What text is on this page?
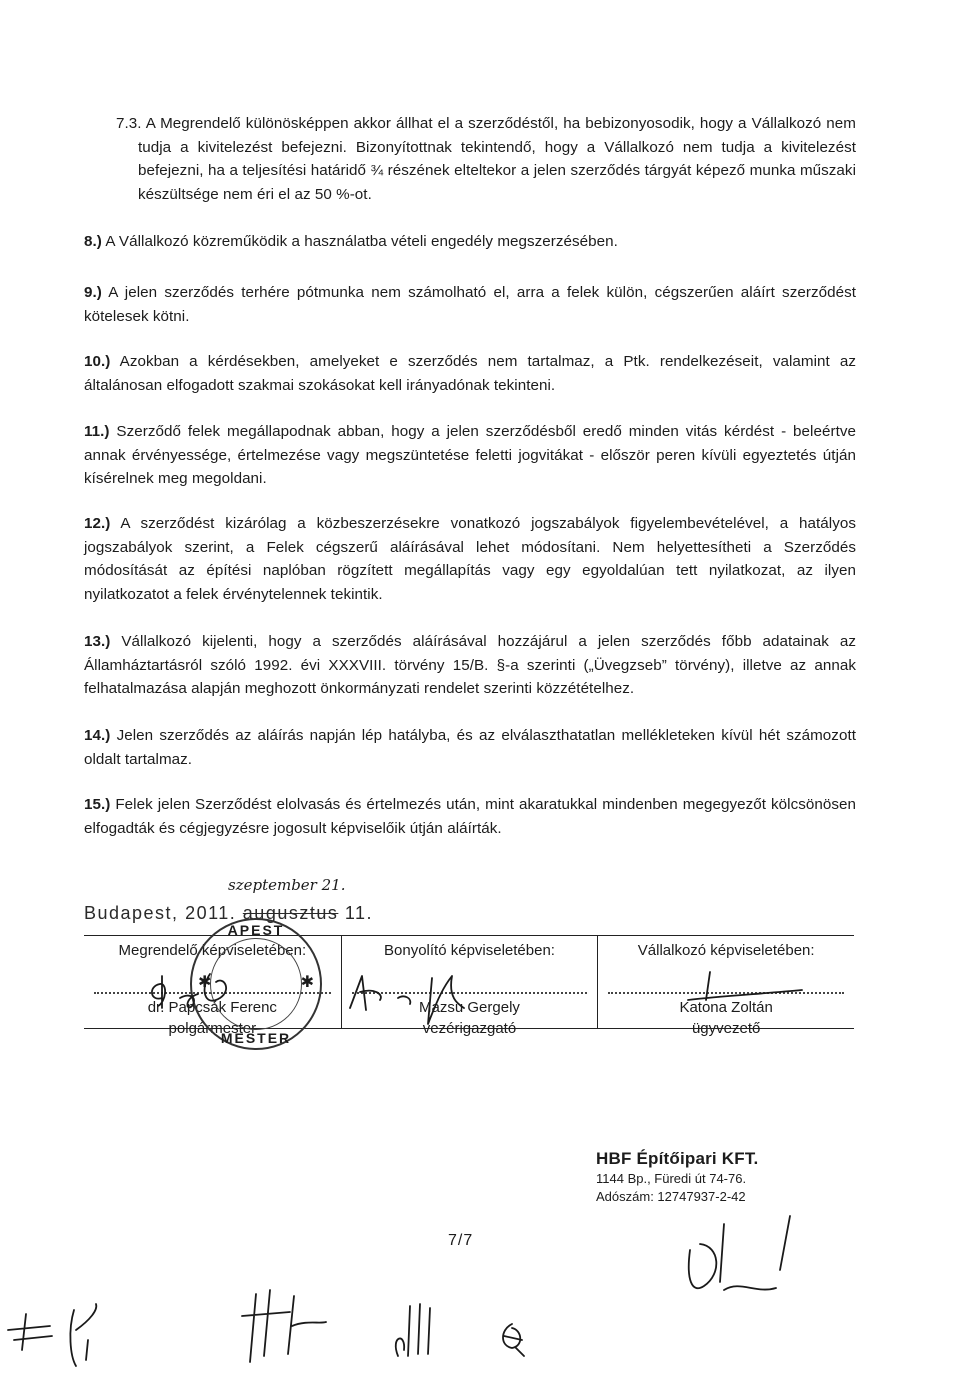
7.3. A Megrendelő különösképpen akkor állhat el a szerződéstől, ha bebizonyosodik, hogy a Vállalkozó nem tudja a kivitelezést befejezni. Bizonyítottnak tekintendő, hogy a Vállalkozó nem tudja a kivitelezést befejezni, ha a teljesítési határidő ¾ részének elteltekor a jelen szerződés tárgyát képező munka műszaki készültsége nem éri el az 50 %-ot.
8.) A Vállalkozó közreműködik a használatba vételi engedély megszerzésében.
9.) A jelen szerződés terhére pótmunka nem számolható el, arra a felek külön, cégszerűen aláírt szerződést kötelesek kötni.
10.) Azokban a kérdésekben, amelyeket e szerződés nem tartalmaz, a Ptk. rendelkezéseit, valamint az általánosan elfogadott szakmai szokásokat kell irányadónak tekinteni.
11.) Szerződő felek megállapodnak abban, hogy a jelen szerződésből eredő minden vitás kérdést - beleértve annak érvényessége, értelmezése vagy megszüntetése feletti jogvitákat - először peren kívüli egyeztetés útján kísérelnek meg megoldani.
12.) A szerződést kizárólag a közbeszerzésekre vonatkozó jogszabályok figyelembevételével, a hatályos jogszabályok szerint, a Felek cégszerű aláírásával lehet módosítani. Nem helyettesítheti a Szerződés módosítását az építési naplóban rögzített megállapítás vagy egy egyoldalúan tett nyilatkozat, az ilyen nyilatkozatot a felek érvénytelennek tekintik.
13.) Vállalkozó kijelenti, hogy a szerződés aláírásával hozzájárul a jelen szerződés főbb adatainak az Államháztartásról szóló 1992. évi XXXVIII. törvény 15/B. §-a szerinti („Üvegzseb” törvény), illetve az annak felhatalmazása alapján meghozott önkormányzati rendelet szerinti közzétételhez.
14.) Jelen szerződés az aláírás napján lép hatályba, és az elválaszthatatlan mellékleteken kívül hét számozott oldalt tartalmaz.
15.) Felek jelen Szerződést elolvasás és értelmezés után, mint akaratukkal mindenben megegyezőt kölcsönösen elfogadták és cégjegyzésre jogosult képviselőik útján aláírták.
szeptember 21.
Budapest, 2011. augusztus 11.
Megrendelő képviseletében:
dr. Papcsák Ferenc
polgármester
Bonyolító képviseletében:
Mazsu Gergely
vezérigazgató
Vállalkozó képviseletében:
Katona Zoltán
ügyvezető
APEST
MESTER
✱	✱
HBF Építőipari KFT.
1144 Bp., Füredi út 74-76.
Adószám: 12747937-2-42
7/7
